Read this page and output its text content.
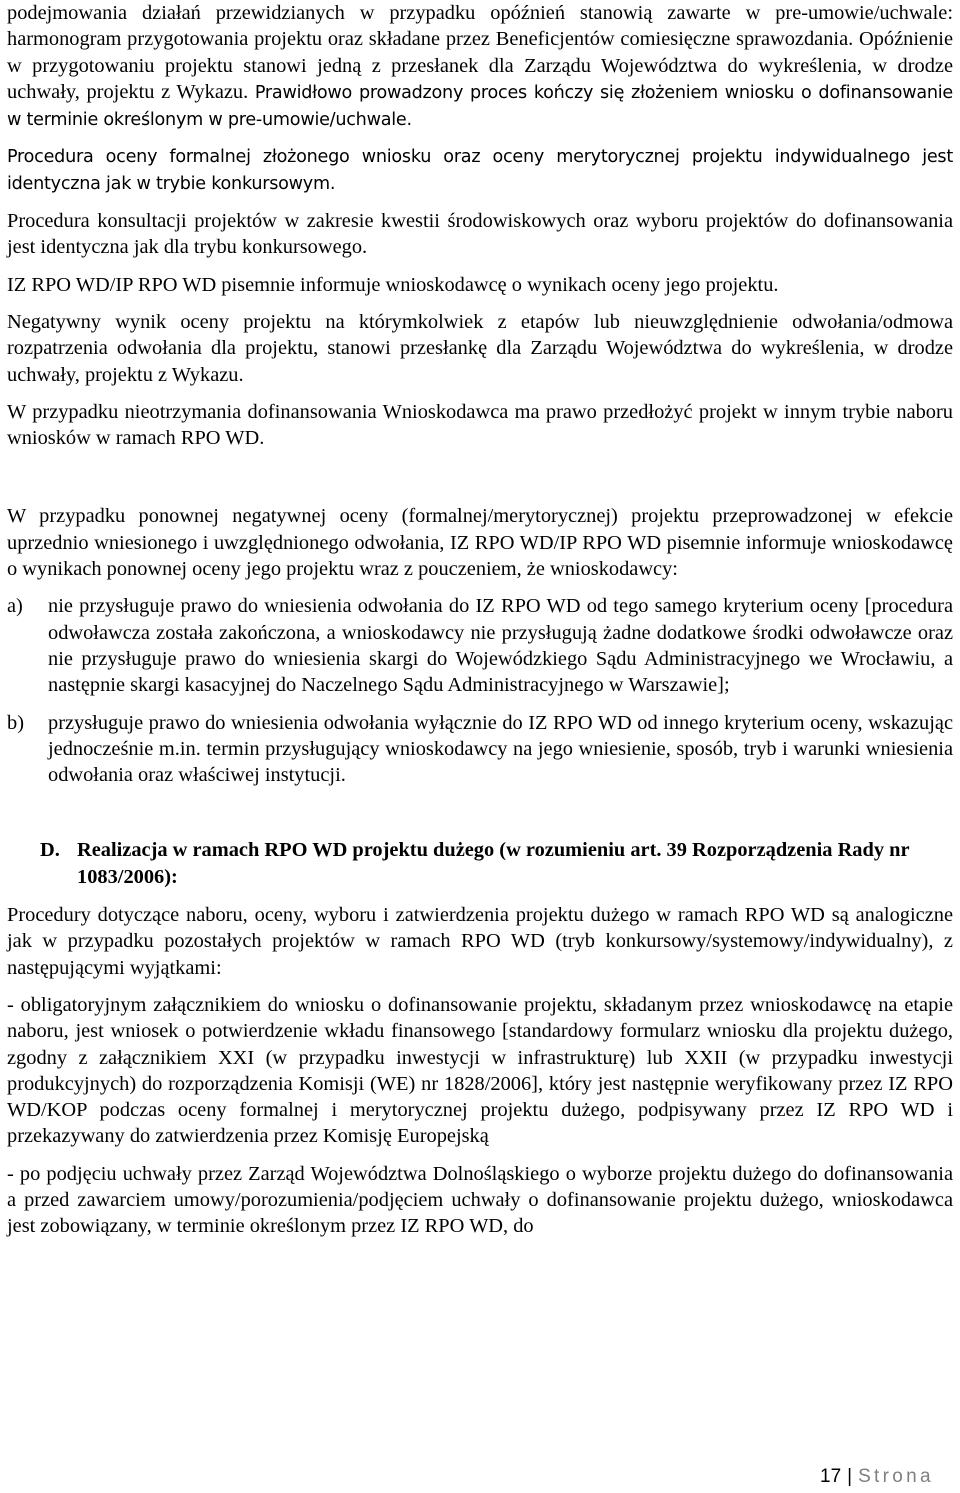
podejmowania działań przewidzianych w przypadku opóźnień stanowią zawarte w pre-umowie/uchwale: harmonogram przygotowania projektu oraz składane przez Beneficjentów comiesięczne sprawozdania. Opóźnienie w przygotowaniu projektu stanowi jedną z przesłanek dla Zarządu Województwa do wykreślenia, w drodze uchwały, projektu z Wykazu. Prawidłowo prowadzony proces kończy się złożeniem wniosku o dofinansowanie w terminie określonym w pre-umowie/uchwale.

Procedura oceny formalnej złożonego wniosku oraz oceny merytorycznej projektu indywidualnego jest identyczna jak w trybie konkursowym.

Procedura konsultacji projektów w zakresie kwestii środowiskowych oraz wyboru projektów do dofinansowania jest identyczna jak dla trybu konkursowego.

IZ RPO WD/IP RPO WD pisemnie informuje wnioskodawcę o wynikach oceny jego projektu.

Negatywny wynik oceny projektu na którymkolwiek z etapów lub nieuwzględnienie odwołania/odmowa rozpatrzenia odwołania dla projektu, stanowi przesłankę dla Zarządu Województwa do wykreślenia, w drodze uchwały, projektu z Wykazu.

W przypadku nieotrzymania dofinansowania Wnioskodawca ma prawo przedłożyć projekt w innym trybie naboru wniosków w ramach RPO WD.

W przypadku ponownej negatywnej oceny (formalnej/merytorycznej) projektu przeprowadzonej w efekcie uprzednio wniesionego i uwzględnionego odwołania, IZ RPO WD/IP RPO WD pisemnie informuje wnioskodawcę o wynikach ponownej oceny jego projektu wraz z pouczeniem, że wnioskodawcy:

a)	nie przysługuje prawo do wniesienia odwołania do IZ RPO WD od tego samego kryterium oceny [procedura odwoławcza została zakończona, a wnioskodawcy nie przysługują żadne dodatkowe środki odwoławcze oraz nie przysługuje prawo do wniesienia skargi do Wojewódzkiego Sądu Administracyjnego we Wrocławiu, a następnie skargi kasacyjnej do Naczelnego Sądu Administracyjnego w Warszawie];
b)	przysługuje prawo do wniesienia odwołania wyłącznie do IZ RPO WD od innego kryterium oceny, wskazując jednocześnie m.in. termin przysługujący wnioskodawcy na jego wniesienie, sposób, tryb i warunki wniesienia odwołania oraz właściwej instytucji.
D. Realizacja w ramach RPO WD projektu dużego (w rozumieniu art. 39 Rozporządzenia Rady nr 1083/2006):

Procedury dotyczące naboru, oceny, wyboru i zatwierdzenia projektu dużego w ramach RPO WD są analogiczne jak w przypadku pozostałych projektów w ramach RPO WD (tryb konkursowy/systemowy/indywidualny), z następującymi wyjątkami:

- obligatoryjnym załącznikiem do wniosku o dofinansowanie projektu, składanym przez wnioskodawcę na etapie naboru, jest wniosek o potwierdzenie wkładu finansowego [standardowy formularz wniosku dla projektu dużego, zgodny z załącznikiem XXI (w przypadku inwestycji w infrastrukturę) lub XXII (w przypadku inwestycji produkcyjnych) do rozporządzenia Komisji (WE) nr 1828/2006], który jest następnie weryfikowany przez IZ RPO WD/KOP podczas oceny formalnej i merytorycznej projektu dużego, podpisywany przez IZ RPO WD i przekazywany do zatwierdzenia przez Komisję Europejską

- po podjęciu uchwały przez Zarząd Województwa Dolnośląskiego o wyborze projektu dużego do dofinansowania a przed zawarciem umowy/porozumienia/podjęciem uchwały o dofinansowanie projektu dużego, wnioskodawca jest zobowiązany, w terminie określonym przez IZ RPO WD, do

17 | Strona
